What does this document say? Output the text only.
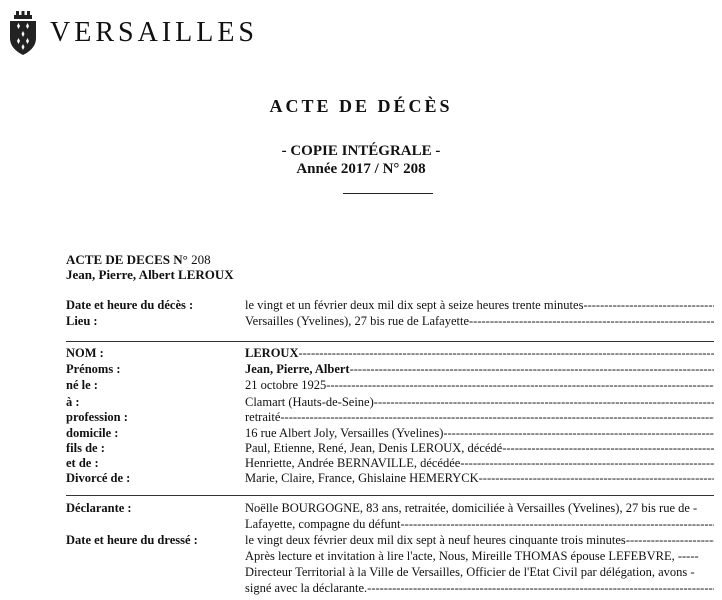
VERSAILLES
ACTE DE DÉCÈS
- COPIE INTÉGRALE -
Année 2017 / N° 208
ACTE DE DECES N° 208
Jean, Pierre, Albert LEROUX
Date et heure du décès :	le vingt et un février deux mil dix sept à seize heures trente minutes -----
Lieu :	Versailles (Yvelines), 27 bis rue de Lafayette -----
NOM :	LEROUX -----
Prénoms :	Jean, Pierre, Albert -----
né le :	21 octobre 1925 -----
à :	Clamart (Hauts-de-Seine) -----
profession :	retraité -----
domicile :	16 rue Albert Joly, Versailles (Yvelines) -----
fils de :	Paul, Etienne, René, Jean, Denis LEROUX, décédé -----
et de :	Henriette, Andrée BERNAVILLE, décédée -----
Divorcé de :	Marie, Claire, France, Ghislaine HEMERYCK -----
Déclarante :	Noëlle BOURGOGNE, 83 ans, retraitée, domiciliée à Versailles (Yvelines), 27 bis rue de -
Lafayette, compagne du défunt -----
Date et heure du dressé :	le vingt deux février deux mil dix sept à neuf heures cinquante trois minutes -----
Après lecture et invitation à lire l'acte, Nous, Mireille THOMAS épouse LEFEBVRE, -----
Directeur Territorial à la Ville de Versailles, Officier de l'Etat Civil par délégation, avons -
signé avec la déclarante. -----
